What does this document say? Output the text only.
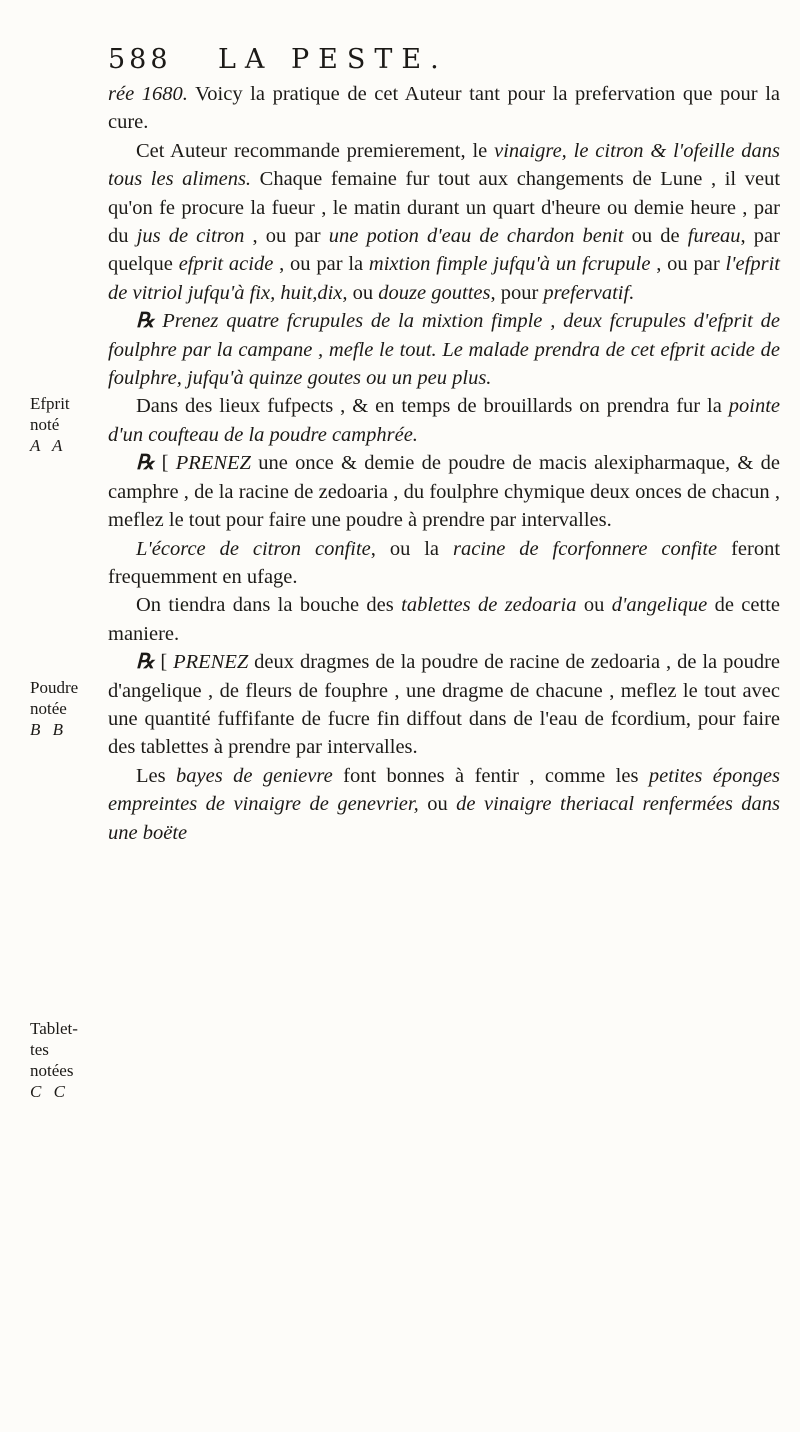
588 LA PESTE.
Efprit
noté
A A
Poudre
notée
B B
Tablet-
tes
notées
C C

rée 1680. Voicy la pratique de cet Auteur tant pour la prefervation que pour la cure.

Cet Auteur recommande premierement, le vinaigre, le citron & l'ofeille dans tous les alimens. Chaque femaine fur tout aux changements de Lune , il veut qu'on fe procure la fueur , le matin durant un quart d'heure ou demie heure , par du jus de citron , ou par une potion d'eau de chardon benit ou de fureau, par quelque efprit acide , ou par la mixtion fimple jufqu'à un fcrupule , ou par l'efprit de vitriol jufqu'à fix, huit,dix, ou douze gouttes, pour prefervatif.

℞ Prenez quatre fcrupules de la mixtion fimple , deux fcrupules d'efprit de foulphre par la campane , mefle le tout. Le malade prendra de cet efprit acide de foulphre, jufqu'à quinze goutes ou un peu plus.

Dans des lieux fufpects , & en temps de brouillards on prendra fur la pointe d'un coufteau de la poudre camphrée.

℞ [ PRENEZ une once & demie de poudre de macis alexipharmaque, & de camphre , de la racine de zedoaria , du foulphre chymique deux onces de chacun , meflez le tout pour faire une poudre à prendre par intervalles.

L'écorce de citron confite, ou la racine de fcorfonnere confite feront frequemment en ufage.

On tiendra dans la bouche des tablettes de zedoaria ou d'angelique de cette maniere.

℞ [ PRENEZ deux dragmes de la poudre de racine de zedoaria , de la poudre d'angelique , de fleurs de fouphre , une dragme de chacune , meflez le tout avec une quantité fuffifante de fucre fin diffout dans de l'eau de fcordium, pour faire des tablettes à prendre par intervalles.

Les bayes de genievre font bonnes à fentir , comme les petites éponges empreintes de vinaigre de genevrier, ou de vinaigre theriacal renfermées dans une boëte
